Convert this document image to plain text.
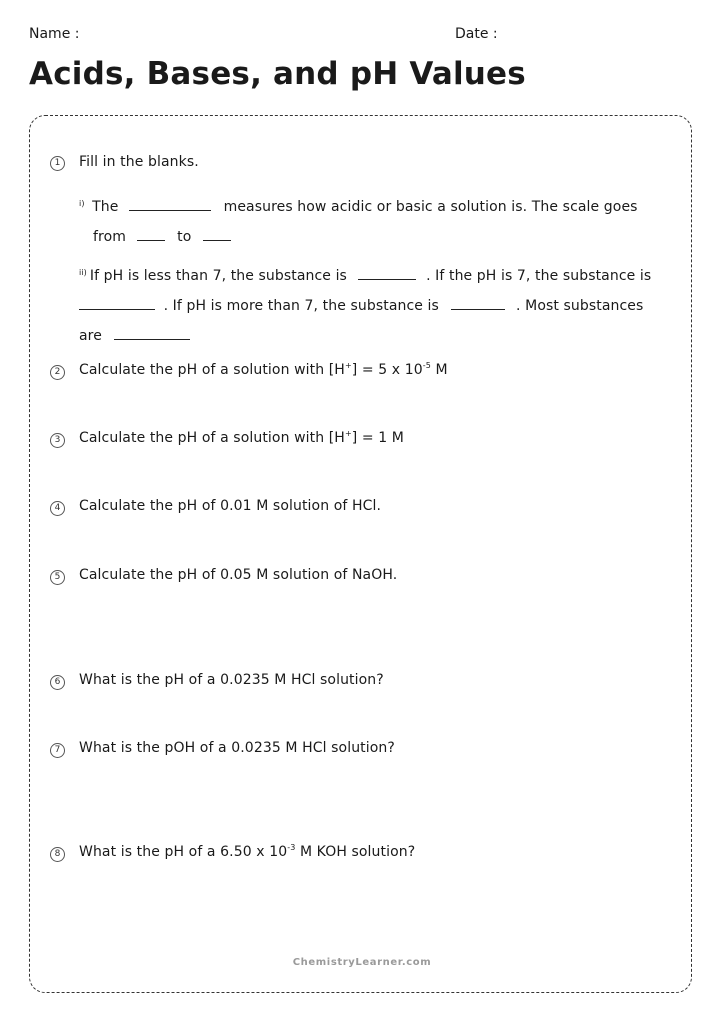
Name :	Date :
Acids, Bases, and pH Values
1	Fill in the blanks.
$^{i)}$ The	measures how acidic or basic a solution is. The scale goes
from	to
$^{ii)}$ If pH is less than 7, the substance is	. If the pH is 7, the substance is
. If pH is more than 7, the substance is	. Most substances
are
2	Calculate the pH of a solution with [H+] = 5 x $10^{-5}$ M
3	Calculate the pH of a solution with [H+] = 1 M
4	Calculate the pH of 0.01 M solution of HCl.
5	Calculate the pH of 0.05 M solution of NaOH.
6	What is the pH of a 0.0235 M HCl solution?
7	What is the pOH of a 0.0235 M HCl solution?
8	What is the pH of a 6.50 x $10^{-3}$ M KOH solution?
ChemistryLearner.com
